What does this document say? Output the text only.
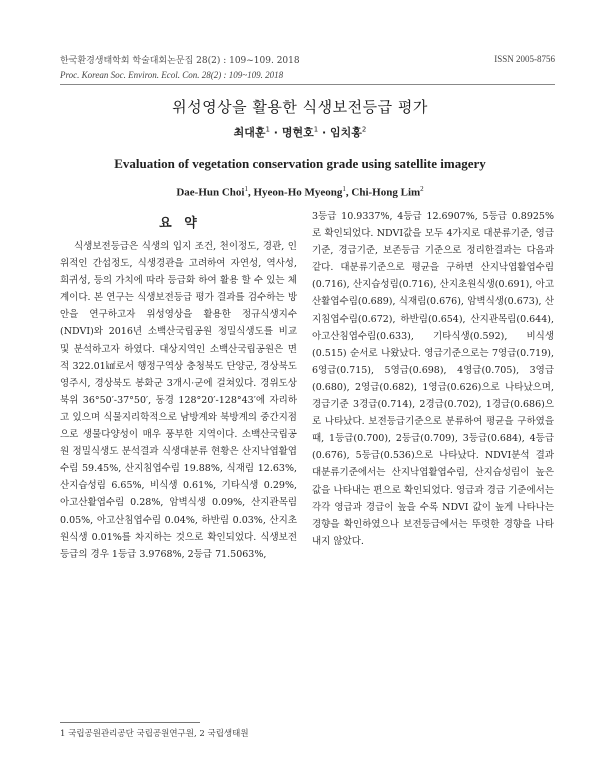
한국환경생태학회 학술대회논문집 28(2) : 109~109. 2018
Proc. Korean Soc. Environ. Ecol. Con. 28(2) : 109~109. 2018
ISSN 2005-8756
위성영상을 활용한 식생보전등급 평가
최대훈$^1$ · 명현호$^1$ · 임치홍$^2$
Evaluation of vegetation conservation grade using satellite imagery
Dae-Hun Choi$^1$, Hyeon-Ho Myeong$^1$, Chi-Hong Lim$^2$
요 약
식생보전등급은 식생의 입지 조건, 천이정도, 경관, 인위적인 간섭정도, 식생경관을 고려하여 자연성, 역사성, 희귀성, 등의 가치에 따라 등급화 하여 활용 할 수 있는 체계이다. 본 연구는 식생보전등급 평가 결과를 검수하는 방안을 연구하고자 위성영상을 활용한 정규식생지수(NDVI)와 2016년 소백산국립공원 정밀식생도를 비교 및 분석하고자 하였다. 대상지역인 소백산국립공원은 면적 322.01㎢로서 행정구역상 충청북도 단양군, 경상북도 영주시, 경상북도 봉화군 3개시·군에 걸쳐있다. 경위도상 북위 36°50′-37°50′, 동경 128°20′-128°43′에 자리하고 있으며 식물지리학적으로 남방계와 북방계의 중간지점으로 생물다양성이 매우 풍부한 지역이다. 소백산국립공원 정밀식생도 분석결과 식생대분류 현황은 산지낙엽활엽수림 59.45%, 산지침엽수림 19.88%, 식재림 12.63%, 산지습성림 6.65%, 비식생 0.61%, 기타식생 0.29%, 아고산활엽수림 0.28%, 암벽식생 0.09%, 산지관목림 0.05%, 아고산침엽수림 0.04%, 하반림 0.03%, 산지초원식생 0.01%를 차지하는 것으로 확인되었다. 식생보전등급의 경우 1등급 3.9768%, 2등급 71.5063%,
3등급 10.9337%, 4등급 12.6907%, 5등급 0.8925%로 확인되었다. NDVI값을 모두 4가지로 대분류기준, 영급기준, 경급기준, 보존등급 기준으로 정리한결과는 다음과 같다. 대분류기준으로 평균을 구하면 산지낙엽활엽수림(0.716), 산지습성림(0.716), 산지초원식생(0.691), 아고산활엽수림(0.689), 식재림(0.676), 암벽식생(0.673), 산지침엽수림(0.672), 하반림(0.654), 산지관목림(0.644), 아고산침엽수림(0.633), 기타식생(0.592), 비식생(0.515) 순서로 나왔났다. 영급기준으로는 7영급(0.719), 6영급(0.715), 5영급(0.698), 4영급(0.705), 3영급(0.680), 2영급(0.682), 1영급(0.626)으로 나타났으며, 경급기준 3경급(0.714), 2경급(0.702), 1경급(0.686)으로 나타났다. 보전등급기준으로 분류하여 평균을 구하였을때, 1등급(0.700), 2등급(0.709), 3등급(0.684), 4등급(0.676), 5등급(0.536)으로 나타났다. NDVI분석 결과 대분류기준에서는 산지낙엽활엽수림, 산지습성림이 높은 값을 나타내는 편으로 확인되었다. 영급과 경급 기준에서는 각각 영급과 경급이 높을 수록 NDVI 값이 높게 나타나는 경향을 확인하였으나 보전등급에서는 뚜렷한 경향을 나타내지 않았다.
1 국립공원관리공단 국립공원연구원, 2 국립생태원
